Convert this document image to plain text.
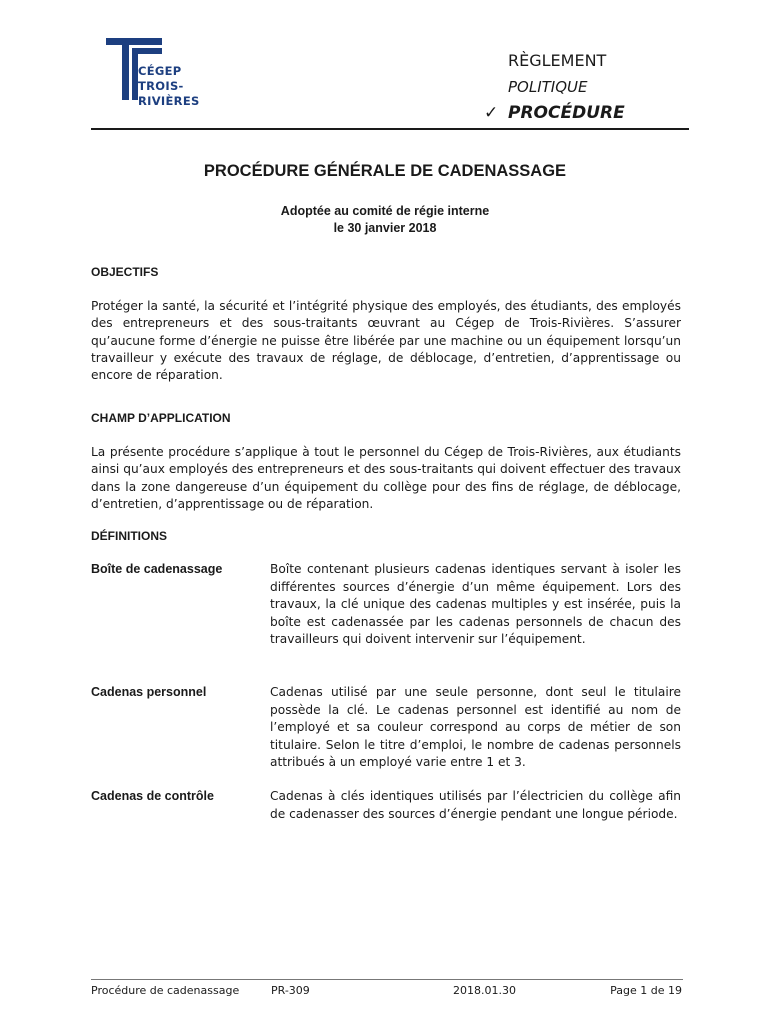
CÉGEP
TROIS-
RIVIÈRES
RÈGLEMENT
POLITIQUE
✓ PROCÉDURE
PROCÉDURE GÉNÉRALE DE CADENASSAGE
Adoptée au comité de régie interne
le 30 janvier 2018
OBJECTIFS
Protéger la santé, la sécurité et l’intégrité physique des employés, des étudiants, des employés des entrepreneurs et des sous-traitants œuvrant au Cégep de Trois-Rivières. S’assurer qu’aucune forme d’énergie ne puisse être libérée par une machine ou un équipement lorsqu’un travailleur y exécute des travaux de réglage, de déblocage, d’entretien, d’apprentissage ou encore de réparation.
CHAMP D’APPLICATION
La présente procédure s’applique à tout le personnel du Cégep de Trois-Rivières, aux étudiants ainsi qu’aux employés des entrepreneurs et des sous-traitants qui doivent effectuer des travaux dans la zone dangereuse d’un équipement du collège pour des fins de réglage, de déblocage, d’entretien, d’apprentissage ou de réparation.
DÉFINITIONS
Boîte de cadenassage	Boîte contenant plusieurs cadenas identiques servant à isoler les différentes sources d’énergie d’un même équipement. Lors des travaux, la clé unique des cadenas multiples y est insérée, puis la boîte est cadenassée par les cadenas personnels de chacun des travailleurs qui doivent intervenir sur l’équipement.
Cadenas personnel	Cadenas utilisé par une seule personne, dont seul le titulaire possède la clé. Le cadenas personnel est identifié au nom de l’employé et sa couleur correspond au corps de métier de son titulaire. Selon le titre d’emploi, le nombre de cadenas personnels attribués à un employé varie entre 1 et 3.
Cadenas de contrôle	Cadenas à clés identiques utilisés par l’électricien du collège afin de cadenasser des sources d’énergie pendant une longue période.
Procédure de cadenassage	PR-309	2018.01.30	Page 1 de 19
